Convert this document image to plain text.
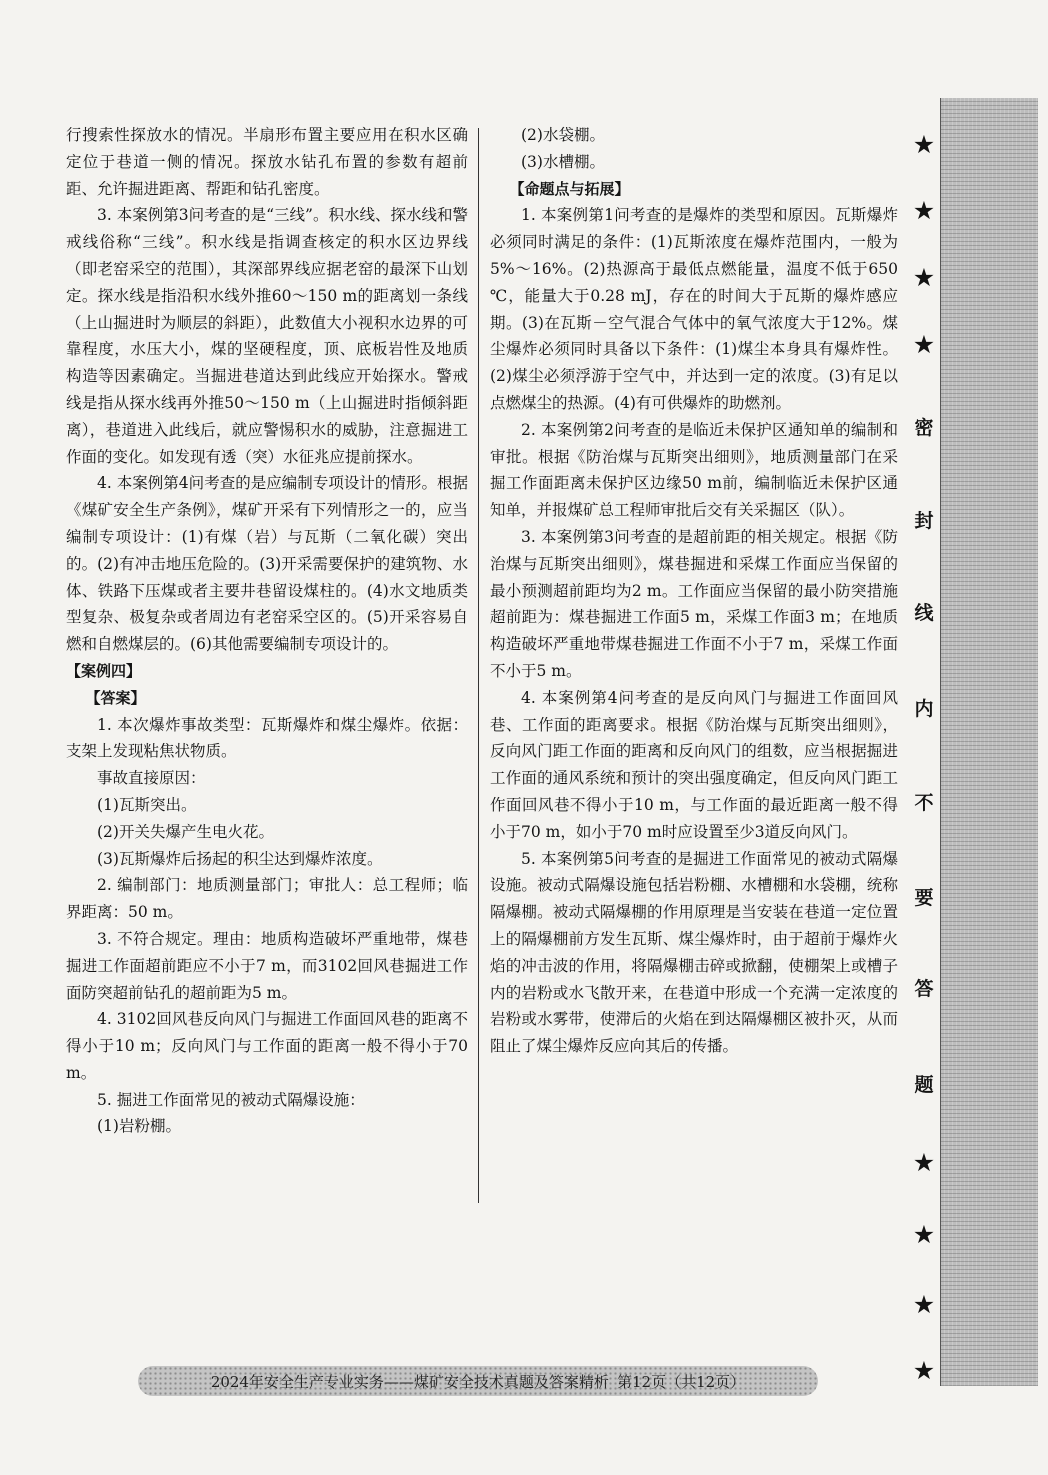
★
★
★
★
密
封
线
内
不
要
答
题
★
★
★
★

行搜索性探放水的情况。半扇形布置主要应用在积水区确定位于巷道一侧的情况。探放水钻孔布置的参数有超前距、允许掘进距离、帮距和钻孔密度。

3. 本案例第3问考查的是“三线”。积水线、探水线和警戒线俗称“三线”。积水线是指调查核定的积水区边界线（即老窑采空的范围），其深部界线应据老窑的最深下山划定。探水线是指沿积水线外推60～150 m的距离划一条线（上山掘进时为顺层的斜距），此数值大小视积水边界的可靠程度，水压大小，煤的坚硬程度，顶、底板岩性及地质构造等因素确定。当掘进巷道达到此线应开始探水。警戒线是指从探水线再外推50～150 m（上山掘进时指倾斜距离），巷道进入此线后，就应警惕积水的威胁，注意掘进工作面的变化。如发现有透（突）水征兆应提前探水。

4. 本案例第4问考查的是应编制专项设计的情形。根据《煤矿安全生产条例》，煤矿开采有下列情形之一的，应当编制专项设计：(1)有煤（岩）与瓦斯（二氧化碳）突出的。(2)有冲击地压危险的。(3)开采需要保护的建筑物、水体、铁路下压煤或者主要井巷留设煤柱的。(4)水文地质类型复杂、极复杂或者周边有老窑采空区的。(5)开采容易自燃和自燃煤层的。(6)其他需要编制专项设计的。

【案例四】
【答案】

1. 本次爆炸事故类型：瓦斯爆炸和煤尘爆炸。依据：支架上发现粘焦状物质。

事故直接原因：

(1)瓦斯突出。

(2)开关失爆产生电火花。

(3)瓦斯爆炸后扬起的积尘达到爆炸浓度。

2. 编制部门：地质测量部门；审批人：总工程师；临界距离：50 m。

3. 不符合规定。理由：地质构造破坏严重地带，煤巷掘进工作面超前距应不小于7 m，而3102回风巷掘进工作面防突超前钻孔的超前距为5 m。

4. 3102回风巷反向风门与掘进工作面回风巷的距离不得小于10 m；反向风门与工作面的距离一般不得小于70 m。

5. 掘进工作面常见的被动式隔爆设施：

(1)岩粉棚。

(2)水袋棚。

(3)水槽棚。

【命题点与拓展】

1. 本案例第1问考查的是爆炸的类型和原因。瓦斯爆炸必须同时满足的条件：(1)瓦斯浓度在爆炸范围内，一般为5%～16%。(2)热源高于最低点燃能量，温度不低于650 ℃，能量大于0.28 mJ，存在的时间大于瓦斯的爆炸感应期。(3)在瓦斯－空气混合气体中的氧气浓度大于12%。煤尘爆炸必须同时具备以下条件：(1)煤尘本身具有爆炸性。(2)煤尘必须浮游于空气中，并达到一定的浓度。(3)有足以点燃煤尘的热源。(4)有可供爆炸的助燃剂。

2. 本案例第2问考查的是临近未保护区通知单的编制和审批。根据《防治煤与瓦斯突出细则》，地质测量部门在采掘工作面距离未保护区边缘50 m前，编制临近未保护区通知单，并报煤矿总工程师审批后交有关采掘区（队）。

3. 本案例第3问考查的是超前距的相关规定。根据《防治煤与瓦斯突出细则》，煤巷掘进和采煤工作面应当保留的最小预测超前距均为2 m。工作面应当保留的最小防突措施超前距为：煤巷掘进工作面5 m，采煤工作面3 m；在地质构造破坏严重地带煤巷掘进工作面不小于7 m，采煤工作面不小于5 m。

4. 本案例第4问考查的是反向风门与掘进工作面回风巷、工作面的距离要求。根据《防治煤与瓦斯突出细则》，反向风门距工作面的距离和反向风门的组数，应当根据掘进工作面的通风系统和预计的突出强度确定，但反向风门距工作面回风巷不得小于10 m，与工作面的最近距离一般不得小于70 m，如小于70 m时应设置至少3道反向风门。

5. 本案例第5问考查的是掘进工作面常见的被动式隔爆设施。被动式隔爆设施包括岩粉棚、水槽棚和水袋棚，统称隔爆棚。被动式隔爆棚的作用原理是当安装在巷道一定位置上的隔爆棚前方发生瓦斯、煤尘爆炸时，由于超前于爆炸火焰的冲击波的作用，将隔爆棚击碎或掀翻，使棚架上或槽子内的岩粉或水飞散开来，在巷道中形成一个充满一定浓度的岩粉或水雾带，使滞后的火焰在到达隔爆棚区被扑灭，从而阻止了煤尘爆炸反应向其后的传播。

2024年安全生产专业实务——煤矿安全技术真题及答案精析 第12页（共12页）
